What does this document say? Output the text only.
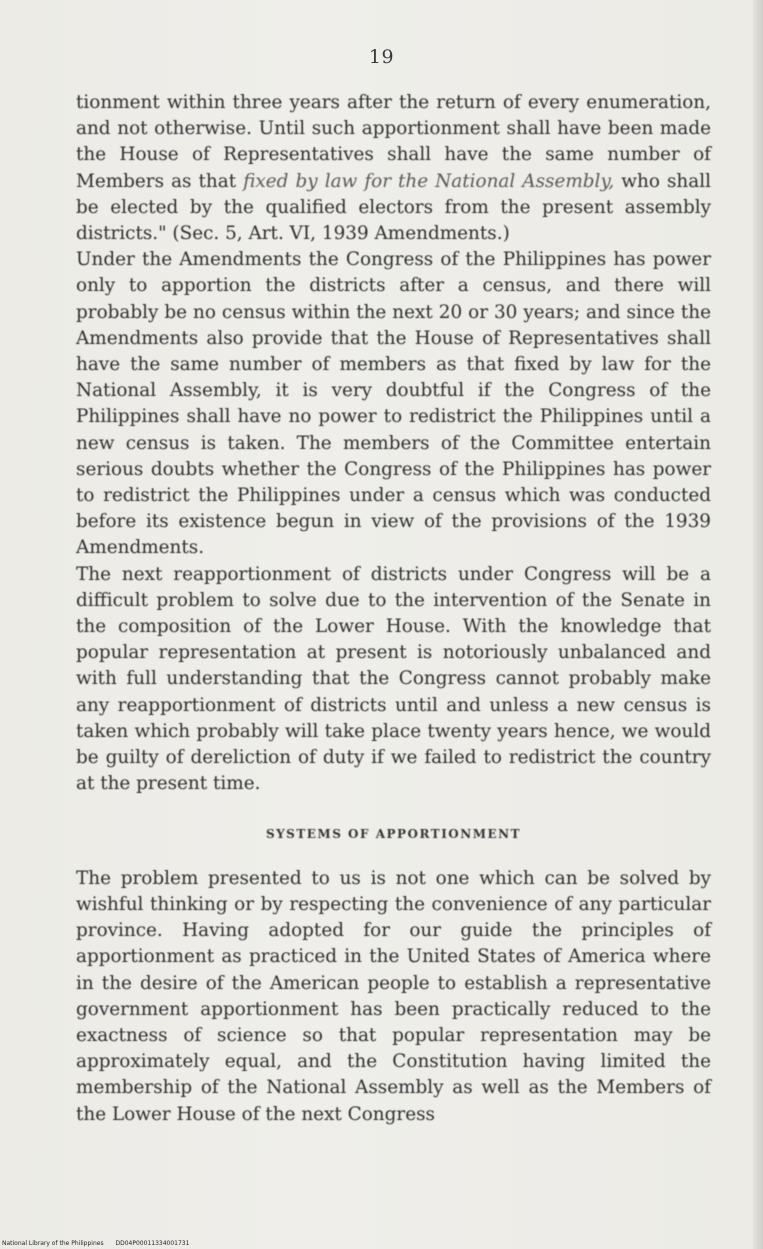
19

tionment within three years after the return of every enumeration, and not otherwise. Until such apportionment shall have been made the House of Representatives shall have the same number of Members as that fixed by law for the National Assembly, who shall be elected by the qualified electors from the present assembly districts." (Sec. 5, Art. VI, 1939 Amendments.)

Under the Amendments the Congress of the Philippines has power only to apportion the districts after a census, and there will probably be no census within the next 20 or 30 years; and since the Amendments also provide that the House of Representatives shall have the same number of members as that fixed by law for the National Assembly, it is very doubtful if the Congress of the Philippines shall have no power to redistrict the Philippines until a new census is taken. The members of the Committee entertain serious doubts whether the Congress of the Philippines has power to redistrict the Philippines under a census which was conducted before its existence begun in view of the provisions of the 1939 Amendments.

The next reapportionment of districts under Congress will be a difficult problem to solve due to the intervention of the Senate in the composition of the Lower House. With the knowledge that popular representation at present is notoriously unbalanced and with full understanding that the Congress cannot probably make any reapportionment of districts until and unless a new census is taken which probably will take place twenty years hence, we would be guilty of dereliction of duty if we failed to redistrict the country at the present time.

SYSTEMS OF APPORTIONMENT

The problem presented to us is not one which can be solved by wishful thinking or by respecting the convenience of any particular province. Having adopted for our guide the principles of apportionment as practiced in the United States of America where in the desire of the American people to establish a representative government apportionment has been practically reduced to the exactness of science so that popular representation may be approximately equal, and the Constitution having limited the membership of the National Assembly as well as the Members of the Lower House of the next Congress

National Library of the Philippines DD04P00011334001731
